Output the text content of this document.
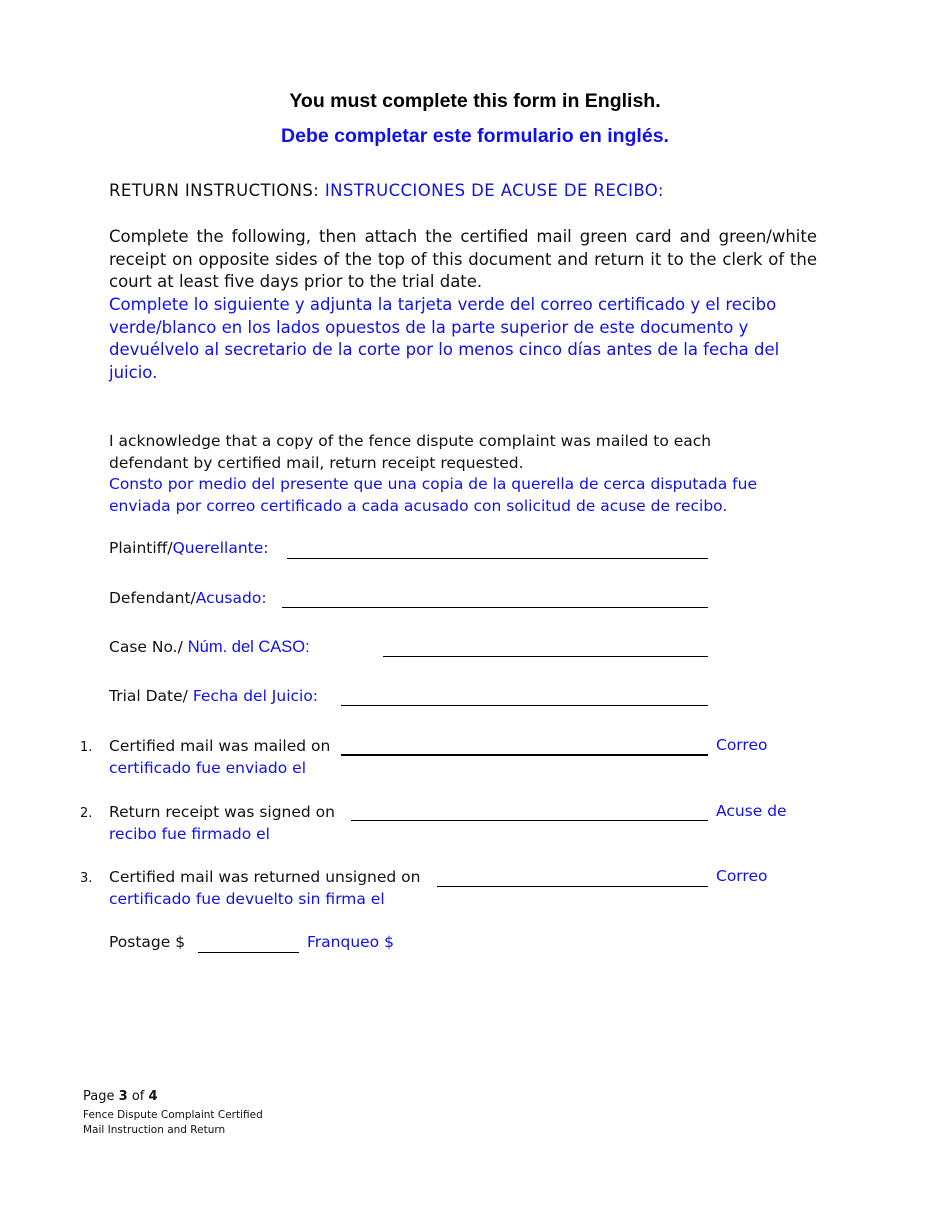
You must complete this form in English.
Debe completar este formulario en inglés.
RETURN INSTRUCTIONS: INSTRUCCIONES DE ACUSE DE RECIBO:
Complete the following, then attach the certified mail green card and green/white receipt on opposite sides of the top of this document and return it to the clerk of the court at least five days prior to the trial date.
Complete lo siguiente y adjunta la tarjeta verde del correo certificado y el recibo verde/blanco en los lados opuestos de la parte superior de este documento y devuélvelo al secretario de la corte por lo menos cinco días antes de la fecha del juicio.
I acknowledge that a copy of the fence dispute complaint was mailed to each defendant by certified mail, return receipt requested.
Consto por medio del presente que una copia de la querella de cerca disputada fue enviada por correo certificado a cada acusado con solicitud de acuse de recibo.
Plaintiff/Querellante:
Defendant/Acusado:
Case No./ Núm. del CASO:
Trial Date/ Fecha del Juicio:
1. Certified mail was mailed on
certificado fue enviado el
Correo
2. Return receipt was signed on
recibo fue firmado el
Acuse de
3. Certified mail was returned unsigned on
certificado fue devuelto sin firma el
Correo
Postage $	Franqueo $
Page 3 of 4
Fence Dispute Complaint Certified
Mail Instruction and Return
